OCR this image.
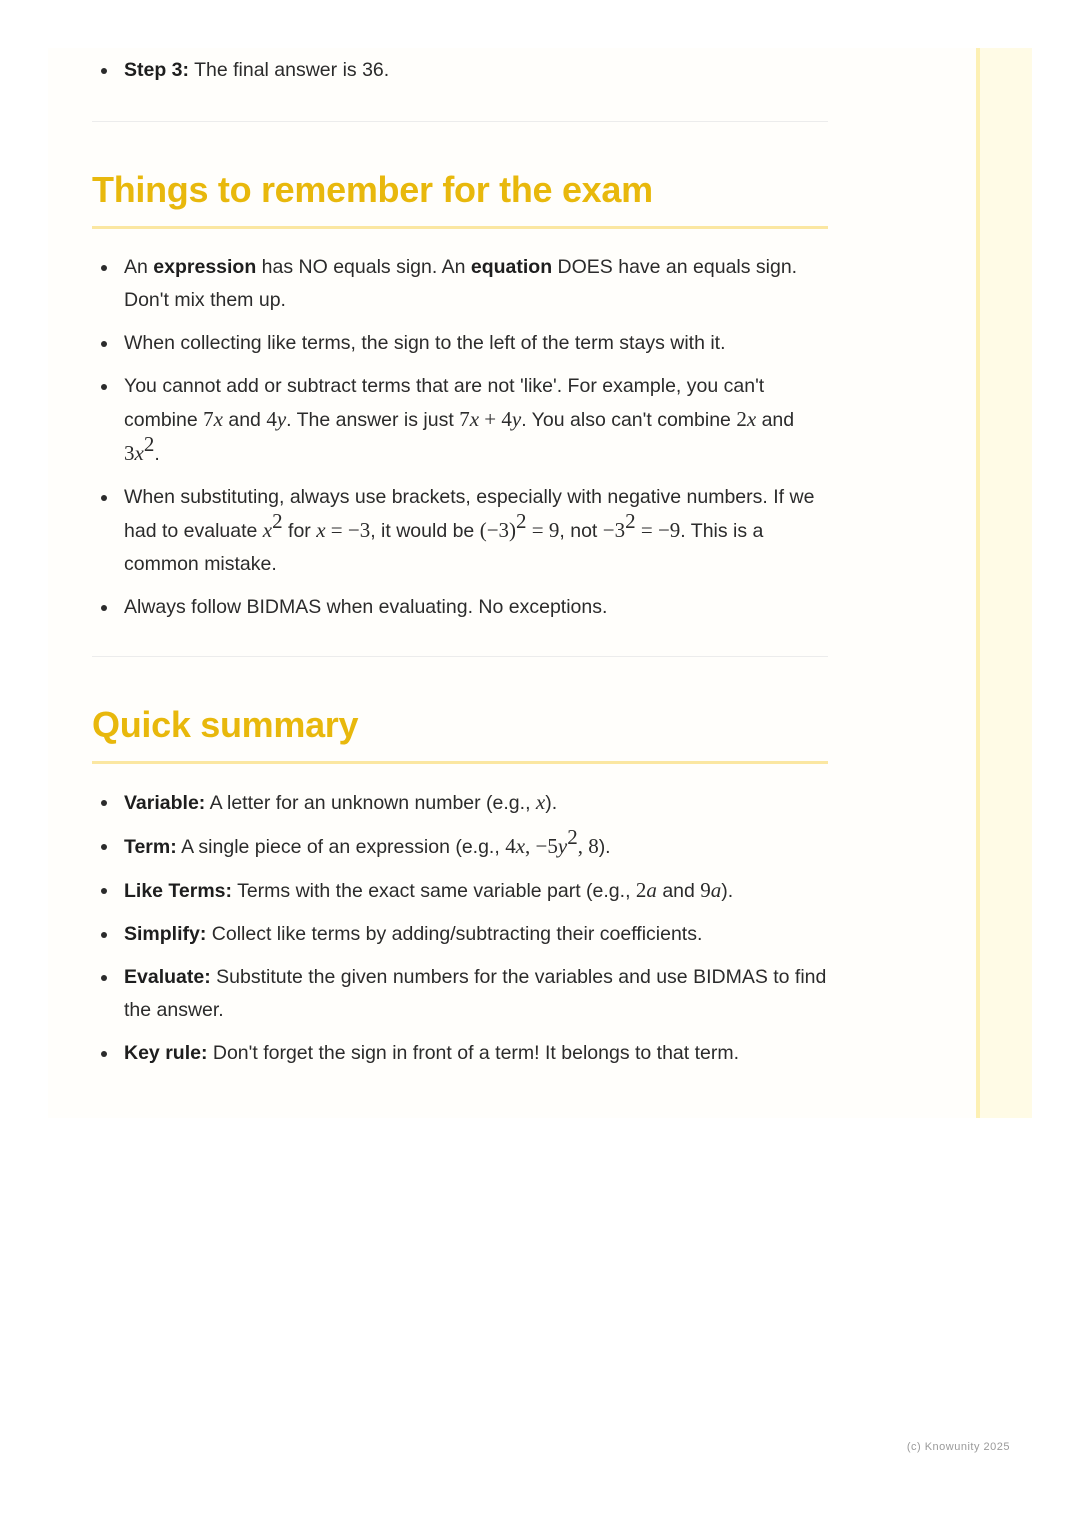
Step 3: The final answer is 36.
Things to remember for the exam
An expression has NO equals sign. An equation DOES have an equals sign. Don't mix them up.
When collecting like terms, the sign to the left of the term stays with it.
You cannot add or subtract terms that are not 'like'. For example, you can't combine 7x and 4y. The answer is just 7x + 4y. You also can't combine 2x and $3x^2$.
When substituting, always use brackets, especially with negative numbers. If we had to evaluate $x^2$ for x = −3, it would be $(-3)^2 = 9$, not $-3^2 = -9$. This is a common mistake.
Always follow BIDMAS when evaluating. No exceptions.
Quick summary
Variable: A letter for an unknown number (e.g., x).
Term: A single piece of an expression (e.g., 4x, $-5y^2$, 8).
Like Terms: Terms with the exact same variable part (e.g., 2a and 9a).
Simplify: Collect like terms by adding/subtracting their coefficients.
Evaluate: Substitute the given numbers for the variables and use BIDMAS to find the answer.
Key rule: Don't forget the sign in front of a term! It belongs to that term.
(c) Knowunity 2025
